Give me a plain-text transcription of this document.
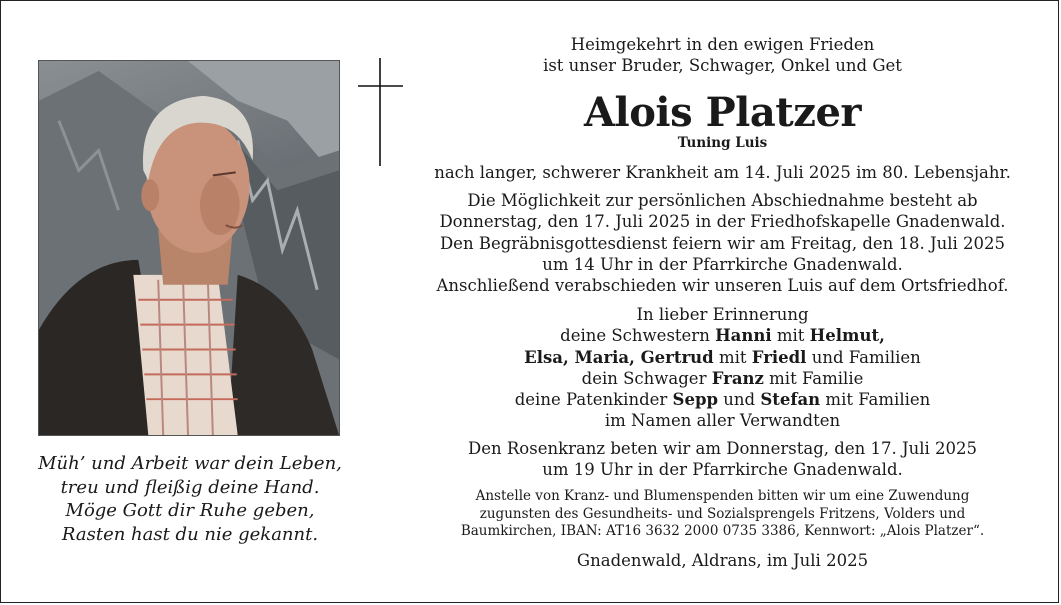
Müh’ und Arbeit war dein Leben,
treu und fleißig deine Hand.
Möge Gott dir Ruhe geben,
Rasten hast du nie gekannt.
Heimgekehrt in den ewigen Frieden
ist unser Bruder, Schwager, Onkel und Get
Alois Platzer
Tuning Luis
nach langer, schwerer Krankheit am 14. Juli 2025 im 80. Lebensjahr.
Die Möglichkeit zur persönlichen Abschiednahme besteht ab
Donnerstag, den 17. Juli 2025 in der Friedhofskapelle Gnadenwald.
Den Begräbnisgottesdienst feiern wir am Freitag, den 18. Juli 2025
um 14 Uhr in der Pfarrkirche Gnadenwald.
Anschließend verabschieden wir unseren Luis auf dem Ortsfriedhof.
In lieber Erinnerung
deine Schwestern Hanni mit Helmut,
Elsa, Maria, Gertrud mit Friedl und Familien
dein Schwager Franz mit Familie
deine Patenkinder Sepp und Stefan mit Familien
im Namen aller Verwandten
Den Rosenkranz beten wir am Donnerstag, den 17. Juli 2025
um 19 Uhr in der Pfarrkirche Gnadenwald.
Anstelle von Kranz- und Blumenspenden bitten wir um eine Zuwendung
zugunsten des Gesundheits- und Sozialsprengels Fritzens, Volders und
Baumkirchen, IBAN: AT16 3632 2000 0735 3386, Kennwort: „Alois Platzer“.
Gnadenwald, Aldrans, im Juli 2025
